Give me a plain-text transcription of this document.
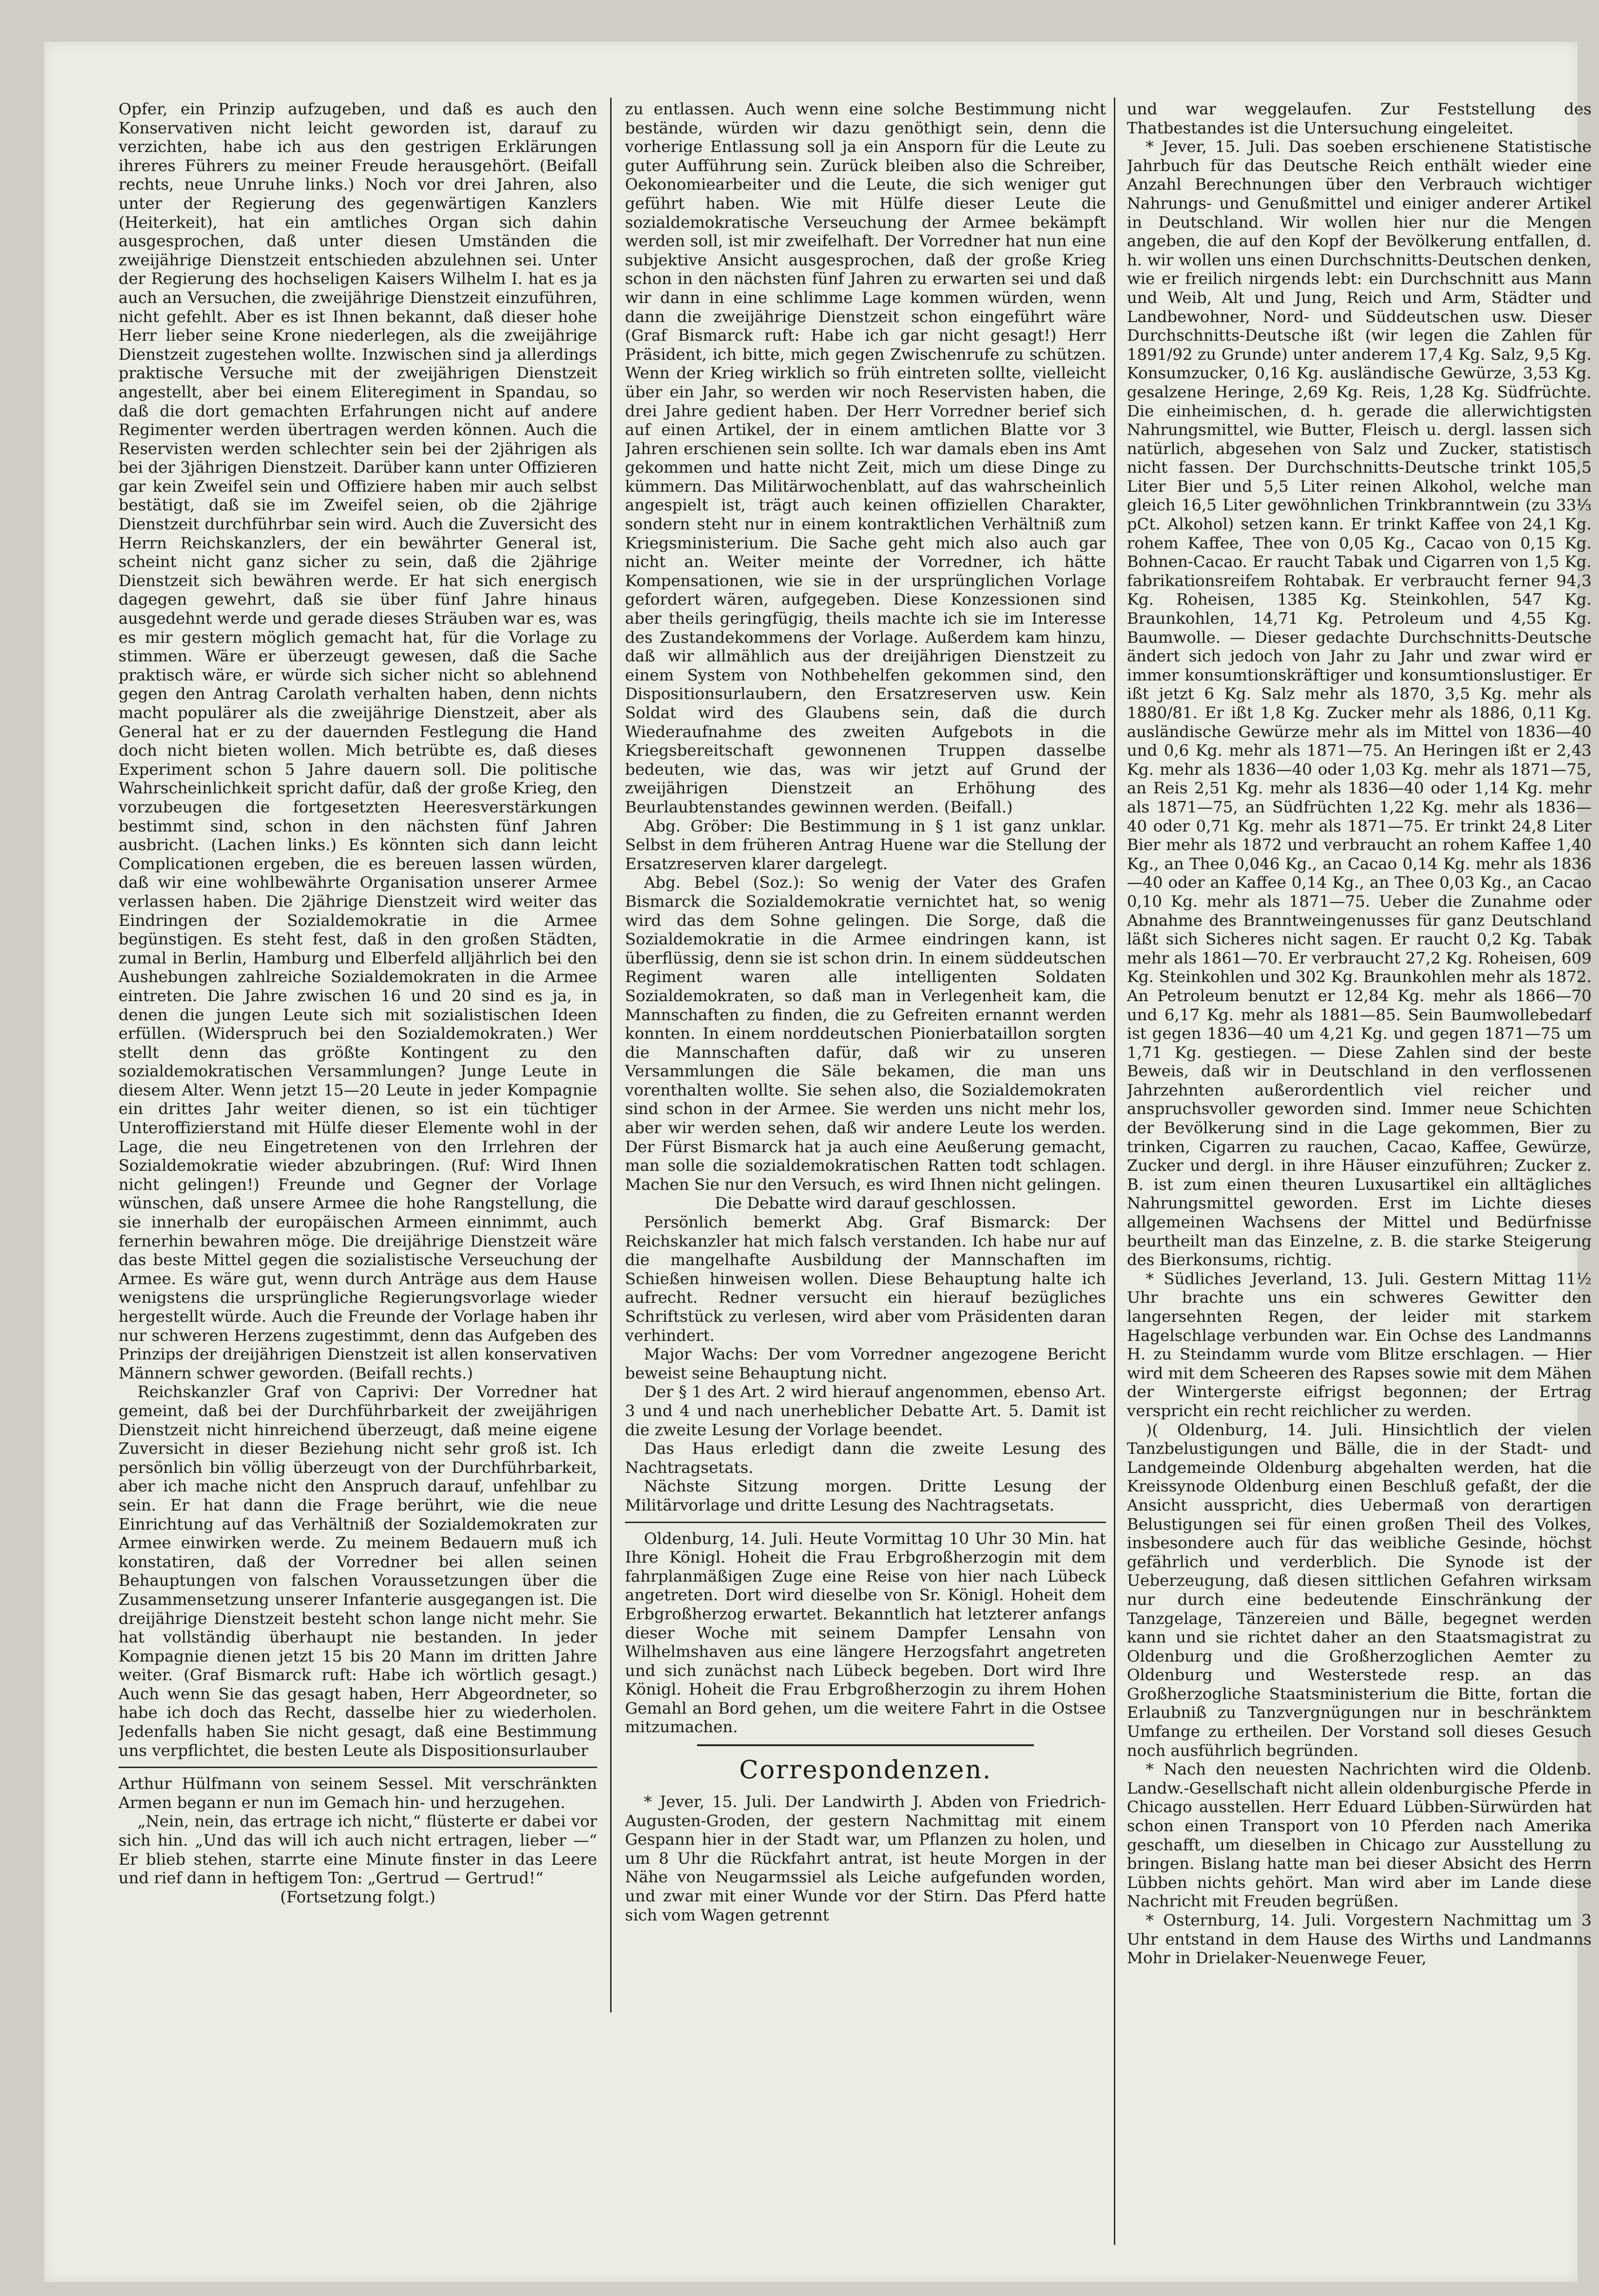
Opfer, ein Prinzip aufzugeben, und daß es auch den Konservativen nicht leicht geworden ist, darauf zu verzichten, habe ich aus den gestrigen Erklärungen ihreres Führers zu meiner Freude herausgehört. (Beifall rechts, neue Unruhe links.) Noch vor drei Jahren, also unter der Regierung des gegenwärtigen Kanzlers (Heiterkeit), hat ein amtliches Organ sich dahin ausgesprochen, daß unter diesen Umständen die zweijährige Dienstzeit entschieden abzulehnen sei. Unter der Regierung des hochseligen Kaisers Wilhelm I. hat es ja auch an Versuchen, die zweijährige Dienstzeit einzuführen, nicht gefehlt. Aber es ist Ihnen bekannt, daß dieser hohe Herr lieber seine Krone niederlegen, als die zweijährige Dienstzeit zugestehen wollte. Inzwischen sind ja allerdings praktische Versuche mit der zweijährigen Dienstzeit angestellt, aber bei einem Eliteregiment in Spandau, so daß die dort gemachten Erfahrungen nicht auf andere Regimenter werden übertragen werden können. Auch die Reservisten werden schlechter sein bei der 2jährigen als bei der 3jährigen Dienstzeit. Darüber kann unter Offizieren gar kein Zweifel sein und Offiziere haben mir auch selbst bestätigt, daß sie im Zweifel seien, ob die 2jährige Dienstzeit durchführbar sein wird. Auch die Zuversicht des Herrn Reichskanzlers, der ein bewährter General ist, scheint nicht ganz sicher zu sein, daß die 2jährige Dienstzeit sich bewähren werde. Er hat sich energisch dagegen gewehrt, daß sie über fünf Jahre hinaus ausgedehnt werde und gerade dieses Sträuben war es, was es mir gestern möglich gemacht hat, für die Vorlage zu stimmen. Wäre er überzeugt gewesen, daß die Sache praktisch wäre, er würde sich sicher nicht so ablehnend gegen den Antrag Carolath verhalten haben, denn nichts macht populärer als die zweijährige Dienstzeit, aber als General hat er zu der dauernden Festlegung die Hand doch nicht bieten wollen. Mich betrübte es, daß dieses Experiment schon 5 Jahre dauern soll. Die politische Wahrscheinlichkeit spricht dafür, daß der große Krieg, den vorzubeugen die fortgesetzten Heeresverstärkungen bestimmt sind, schon in den nächsten fünf Jahren ausbricht. (Lachen links.) Es könnten sich dann leicht Complicationen ergeben, die es bereuen lassen würden, daß wir eine wohlbewährte Organisation unserer Armee verlassen haben. Die 2jährige Dienstzeit wird weiter das Eindringen der Sozialdemokratie in die Armee begünstigen. Es steht fest, daß in den großen Städten, zumal in Berlin, Hamburg und Elberfeld alljährlich bei den Aushebungen zahlreiche Sozialdemokraten in die Armee eintreten. Die Jahre zwischen 16 und 20 sind es ja, in denen die jungen Leute sich mit sozialistischen Ideen erfüllen. (Widerspruch bei den Sozialdemokraten.) Wer stellt denn das größte Kontingent zu den sozialdemokratischen Versammlungen? Junge Leute in diesem Alter. Wenn jetzt 15—20 Leute in jeder Kompagnie ein drittes Jahr weiter dienen, so ist ein tüchtiger Unteroffizierstand mit Hülfe dieser Elemente wohl in der Lage, die neu Eingetretenen von den Irrlehren der Sozialdemokratie wieder abzubringen. (Ruf: Wird Ihnen nicht gelingen!) Freunde und Gegner der Vorlage wünschen, daß unsere Armee die hohe Rangstellung, die sie innerhalb der europäischen Armeen einnimmt, auch fernerhin bewahren möge. Die dreijährige Dienstzeit wäre das beste Mittel gegen die sozialistische Verseuchung der Armee. Es wäre gut, wenn durch Anträge aus dem Hause wenigstens die ursprüngliche Regierungsvorlage wieder hergestellt würde. Auch die Freunde der Vorlage haben ihr nur schweren Herzens zugestimmt, denn das Aufgeben des Prinzips der dreijährigen Dienstzeit ist allen konservativen Männern schwer geworden. (Beifall rechts.)

Reichskanzler Graf von Caprivi: Der Vorredner hat gemeint, daß bei der Durchführbarkeit der zweijährigen Dienstzeit nicht hinreichend überzeugt, daß meine eigene Zuversicht in dieser Beziehung nicht sehr groß ist. Ich persönlich bin völlig überzeugt von der Durchführbarkeit, aber ich mache nicht den Anspruch darauf, unfehlbar zu sein. Er hat dann die Frage berührt, wie die neue Einrichtung auf das Verhältniß der Sozialdemokraten zur Armee einwirken werde. Zu meinem Bedauern muß ich konstatiren, daß der Vorredner bei allen seinen Behauptungen von falschen Voraussetzungen über die Zusammensetzung unserer Infanterie ausgegangen ist. Die dreijährige Dienstzeit besteht schon lange nicht mehr. Sie hat vollständig überhaupt nie bestanden. In jeder Kompagnie dienen jetzt 15 bis 20 Mann im dritten Jahre weiter. (Graf Bismarck ruft: Habe ich wörtlich gesagt.) Auch wenn Sie das gesagt haben, Herr Abgeordneter, so habe ich doch das Recht, dasselbe hier zu wiederholen. Jedenfalls haben Sie nicht gesagt, daß eine Bestimmung uns verpflichtet, die besten Leute als Dispositionsurlauber

Arthur Hülfmann von seinem Sessel. Mit verschränkten Armen begann er nun im Gemach hin- und herzugehen.

„Nein, nein, das ertrage ich nicht,“ flüsterte er dabei vor sich hin. „Und das will ich auch nicht ertragen, lieber —“ Er blieb stehen, starrte eine Minute finster in das Leere und rief dann in heftigem Ton: „Gertrud — Gertrud!“

(Fortsetzung folgt.)

zu entlassen. Auch wenn eine solche Bestimmung nicht bestände, würden wir dazu genöthigt sein, denn die vorherige Entlassung soll ja ein Ansporn für die Leute zu guter Aufführung sein. Zurück bleiben also die Schreiber, Oekonomiearbeiter und die Leute, die sich weniger gut geführt haben. Wie mit Hülfe dieser Leute die sozialdemokratische Verseuchung der Armee bekämpft werden soll, ist mir zweifelhaft. Der Vorredner hat nun eine subjektive Ansicht ausgesprochen, daß der große Krieg schon in den nächsten fünf Jahren zu erwarten sei und daß wir dann in eine schlimme Lage kommen würden, wenn dann die zweijährige Dienstzeit schon eingeführt wäre (Graf Bismarck ruft: Habe ich gar nicht gesagt!) Herr Präsident, ich bitte, mich gegen Zwischenrufe zu schützen. Wenn der Krieg wirklich so früh eintreten sollte, vielleicht über ein Jahr, so werden wir noch Reservisten haben, die drei Jahre gedient haben. Der Herr Vorredner berief sich auf einen Artikel, der in einem amtlichen Blatte vor 3 Jahren erschienen sein sollte. Ich war damals eben ins Amt gekommen und hatte nicht Zeit, mich um diese Dinge zu kümmern. Das Militärwochenblatt, auf das wahrscheinlich angespielt ist, trägt auch keinen offiziellen Charakter, sondern steht nur in einem kontraktlichen Verhältniß zum Kriegsministerium. Die Sache geht mich also auch gar nicht an. Weiter meinte der Vorredner, ich hätte Kompensationen, wie sie in der ursprünglichen Vorlage gefordert wären, aufgegeben. Diese Konzessionen sind aber theils geringfügig, theils machte ich sie im Interesse des Zustandekommens der Vorlage. Außerdem kam hinzu, daß wir allmählich aus der dreijährigen Dienstzeit zu einem System von Nothbehelfen gekommen sind, den Dispositionsurlaubern, den Ersatzreserven usw. Kein Soldat wird des Glaubens sein, daß die durch Wiederaufnahme des zweiten Aufgebots in die Kriegsbereitschaft gewonnenen Truppen dasselbe bedeuten, wie das, was wir jetzt auf Grund der zweijährigen Dienstzeit an Erhöhung des Beurlaubtenstandes gewinnen werden. (Beifall.)

Abg. Gröber: Die Bestimmung in § 1 ist ganz unklar. Selbst in dem früheren Antrag Huene war die Stellung der Ersatzreserven klarer dargelegt.

Abg. Bebel (Soz.): So wenig der Vater des Grafen Bismarck die Sozialdemokratie vernichtet hat, so wenig wird das dem Sohne gelingen. Die Sorge, daß die Sozialdemokratie in die Armee eindringen kann, ist überflüssig, denn sie ist schon drin. In einem süddeutschen Regiment waren alle intelligenten Soldaten Sozialdemokraten, so daß man in Verlegenheit kam, die Mannschaften zu finden, die zu Gefreiten ernannt werden konnten. In einem norddeutschen Pionierbataillon sorgten die Mannschaften dafür, daß wir zu unseren Versammlungen die Säle bekamen, die man uns vorenthalten wollte. Sie sehen also, die Sozialdemokraten sind schon in der Armee. Sie werden uns nicht mehr los, aber wir werden sehen, daß wir andere Leute los werden. Der Fürst Bismarck hat ja auch eine Aeußerung gemacht, man solle die sozialdemokratischen Ratten todt schlagen. Machen Sie nur den Versuch, es wird Ihnen nicht gelingen.

Die Debatte wird darauf geschlossen.

Persönlich bemerkt Abg. Graf Bismarck: Der Reichskanzler hat mich falsch verstanden. Ich habe nur auf die mangelhafte Ausbildung der Mannschaften im Schießen hinweisen wollen. Diese Behauptung halte ich aufrecht. Redner versucht ein hierauf bezügliches Schriftstück zu verlesen, wird aber vom Präsidenten daran verhindert.

Major Wachs: Der vom Vorredner angezogene Bericht beweist seine Behauptung nicht.

Der § 1 des Art. 2 wird hierauf angenommen, ebenso Art. 3 und 4 und nach unerheblicher Debatte Art. 5. Damit ist die zweite Lesung der Vorlage beendet.

Das Haus erledigt dann die zweite Lesung des Nachtragsetats.

Nächste Sitzung morgen. Dritte Lesung der Militärvorlage und dritte Lesung des Nachtragsetats.

Oldenburg, 14. Juli. Heute Vormittag 10 Uhr 30 Min. hat Ihre Königl. Hoheit die Frau Erbgroßherzogin mit dem fahrplanmäßigen Zuge eine Reise von hier nach Lübeck angetreten. Dort wird dieselbe von Sr. Königl. Hoheit dem Erbgroßherzog erwartet. Bekanntlich hat letzterer anfangs dieser Woche mit seinem Dampfer Lensahn von Wilhelmshaven aus eine längere Herzogsfahrt angetreten und sich zunächst nach Lübeck begeben. Dort wird Ihre Königl. Hoheit die Frau Erbgroßherzogin zu ihrem Hohen Gemahl an Bord gehen, um die weitere Fahrt in die Ostsee mitzumachen.

Correspondenzen.

* Jever, 15. Juli. Der Landwirth J. Abden von Friedrich-Augusten-Groden, der gestern Nachmittag mit einem Gespann hier in der Stadt war, um Pflanzen zu holen, und um 8 Uhr die Rückfahrt antrat, ist heute Morgen in der Nähe von Neugarmssiel als Leiche aufgefunden worden, und zwar mit einer Wunde vor der Stirn. Das Pferd hatte sich vom Wagen getrennt

und war weggelaufen. Zur Feststellung des Thatbestandes ist die Untersuchung eingeleitet.

* Jever, 15. Juli. Das soeben erschienene Statistische Jahrbuch für das Deutsche Reich enthält wieder eine Anzahl Berechnungen über den Verbrauch wichtiger Nahrungs- und Genußmittel und einiger anderer Artikel in Deutschland. Wir wollen hier nur die Mengen angeben, die auf den Kopf der Bevölkerung entfallen, d. h. wir wollen uns einen Durchschnitts-Deutschen denken, wie er freilich nirgends lebt: ein Durchschnitt aus Mann und Weib, Alt und Jung, Reich und Arm, Städter und Landbewohner, Nord- und Süddeutschen usw. Dieser Durchschnitts-Deutsche ißt (wir legen die Zahlen für 1891/92 zu Grunde) unter anderem 17,4 Kg. Salz, 9,5 Kg. Konsumzucker, 0,16 Kg. ausländische Gewürze, 3,53 Kg. gesalzene Heringe, 2,69 Kg. Reis, 1,28 Kg. Südfrüchte. Die einheimischen, d. h. gerade die allerwichtigsten Nahrungsmittel, wie Butter, Fleisch u. dergl. lassen sich natürlich, abgesehen von Salz und Zucker, statistisch nicht fassen. Der Durchschnitts-Deutsche trinkt 105,5 Liter Bier und 5,5 Liter reinen Alkohol, welche man gleich 16,5 Liter gewöhnlichen Trinkbranntwein (zu 33⅓ pCt. Alkohol) setzen kann. Er trinkt Kaffee von 24,1 Kg. rohem Kaffee, Thee von 0,05 Kg., Cacao von 0,15 Kg. Bohnen-Cacao. Er raucht Tabak und Cigarren von 1,5 Kg. fabrikationsreifem Rohtabak. Er verbraucht ferner 94,3 Kg. Roheisen, 1385 Kg. Steinkohlen, 547 Kg. Braunkohlen, 14,71 Kg. Petroleum und 4,55 Kg. Baumwolle. — Dieser gedachte Durchschnitts-Deutsche ändert sich jedoch von Jahr zu Jahr und zwar wird er immer konsumtionskräftiger und konsumtionslustiger. Er ißt jetzt 6 Kg. Salz mehr als 1870, 3,5 Kg. mehr als 1880/81. Er ißt 1,8 Kg. Zucker mehr als 1886, 0,11 Kg. ausländische Gewürze mehr als im Mittel von 1836—40 und 0,6 Kg. mehr als 1871—75. An Heringen ißt er 2,43 Kg. mehr als 1836—40 oder 1,03 Kg. mehr als 1871—75, an Reis 2,51 Kg. mehr als 1836—40 oder 1,14 Kg. mehr als 1871—75, an Südfrüchten 1,22 Kg. mehr als 1836—40 oder 0,71 Kg. mehr als 1871—75. Er trinkt 24,8 Liter Bier mehr als 1872 und verbraucht an rohem Kaffee 1,40 Kg., an Thee 0,046 Kg., an Cacao 0,14 Kg. mehr als 1836—40 oder an Kaffee 0,14 Kg., an Thee 0,03 Kg., an Cacao 0,10 Kg. mehr als 1871—75. Ueber die Zunahme oder Abnahme des Branntweingenusses für ganz Deutschland läßt sich Sicheres nicht sagen. Er raucht 0,2 Kg. Tabak mehr als 1861—70. Er verbraucht 27,2 Kg. Roheisen, 609 Kg. Steinkohlen und 302 Kg. Braunkohlen mehr als 1872. An Petroleum benutzt er 12,84 Kg. mehr als 1866—70 und 6,17 Kg. mehr als 1881—85. Sein Baumwollebedarf ist gegen 1836—40 um 4,21 Kg. und gegen 1871—75 um 1,71 Kg. gestiegen. — Diese Zahlen sind der beste Beweis, daß wir in Deutschland in den verflossenen Jahrzehnten außerordentlich viel reicher und anspruchsvoller geworden sind. Immer neue Schichten der Bevölkerung sind in die Lage gekommen, Bier zu trinken, Cigarren zu rauchen, Cacao, Kaffee, Gewürze, Zucker und dergl. in ihre Häuser einzuführen; Zucker z. B. ist zum einen theuren Luxusartikel ein alltägliches Nahrungsmittel geworden. Erst im Lichte dieses allgemeinen Wachsens der Mittel und Bedürfnisse beurtheilt man das Einzelne, z. B. die starke Steigerung des Bierkonsums, richtig.

* Südliches Jeverland, 13. Juli. Gestern Mittag 11½ Uhr brachte uns ein schweres Gewitter den langersehnten Regen, der leider mit starkem Hagelschlage verbunden war. Ein Ochse des Landmanns H. zu Steindamm wurde vom Blitze erschlagen. — Hier wird mit dem Scheeren des Rapses sowie mit dem Mähen der Wintergerste eifrigst begonnen; der Ertrag verspricht ein recht reichlicher zu werden.

)( Oldenburg, 14. Juli. Hinsichtlich der vielen Tanzbelustigungen und Bälle, die in der Stadt- und Landgemeinde Oldenburg abgehalten werden, hat die Kreissynode Oldenburg einen Beschluß gefaßt, der die Ansicht ausspricht, dies Uebermaß von derartigen Belustigungen sei für einen großen Theil des Volkes, insbesondere auch für das weibliche Gesinde, höchst gefährlich und verderblich. Die Synode ist der Ueberzeugung, daß diesen sittlichen Gefahren wirksam nur durch eine bedeutende Einschränkung der Tanzgelage, Tänzereien und Bälle, begegnet werden kann und sie richtet daher an den Staatsmagistrat zu Oldenburg und die Großherzoglichen Aemter zu Oldenburg und Westerstede resp. an das Großherzogliche Staatsministerium die Bitte, fortan die Erlaubniß zu Tanzvergnügungen nur in beschränktem Umfange zu ertheilen. Der Vorstand soll dieses Gesuch noch ausführlich begründen.

* Nach den neuesten Nachrichten wird die Oldenb. Landw.-Gesellschaft nicht allein oldenburgische Pferde in Chicago ausstellen. Herr Eduard Lübben-Sürwürden hat schon einen Transport von 10 Pferden nach Amerika geschafft, um dieselben in Chicago zur Ausstellung zu bringen. Bislang hatte man bei dieser Absicht des Herrn Lübben nichts gehört. Man wird aber im Lande diese Nachricht mit Freuden begrüßen.

* Osternburg, 14. Juli. Vorgestern Nachmittag um 3 Uhr entstand in dem Hause des Wirths und Landmanns Mohr in Drielaker-Neuenwege Feuer,
